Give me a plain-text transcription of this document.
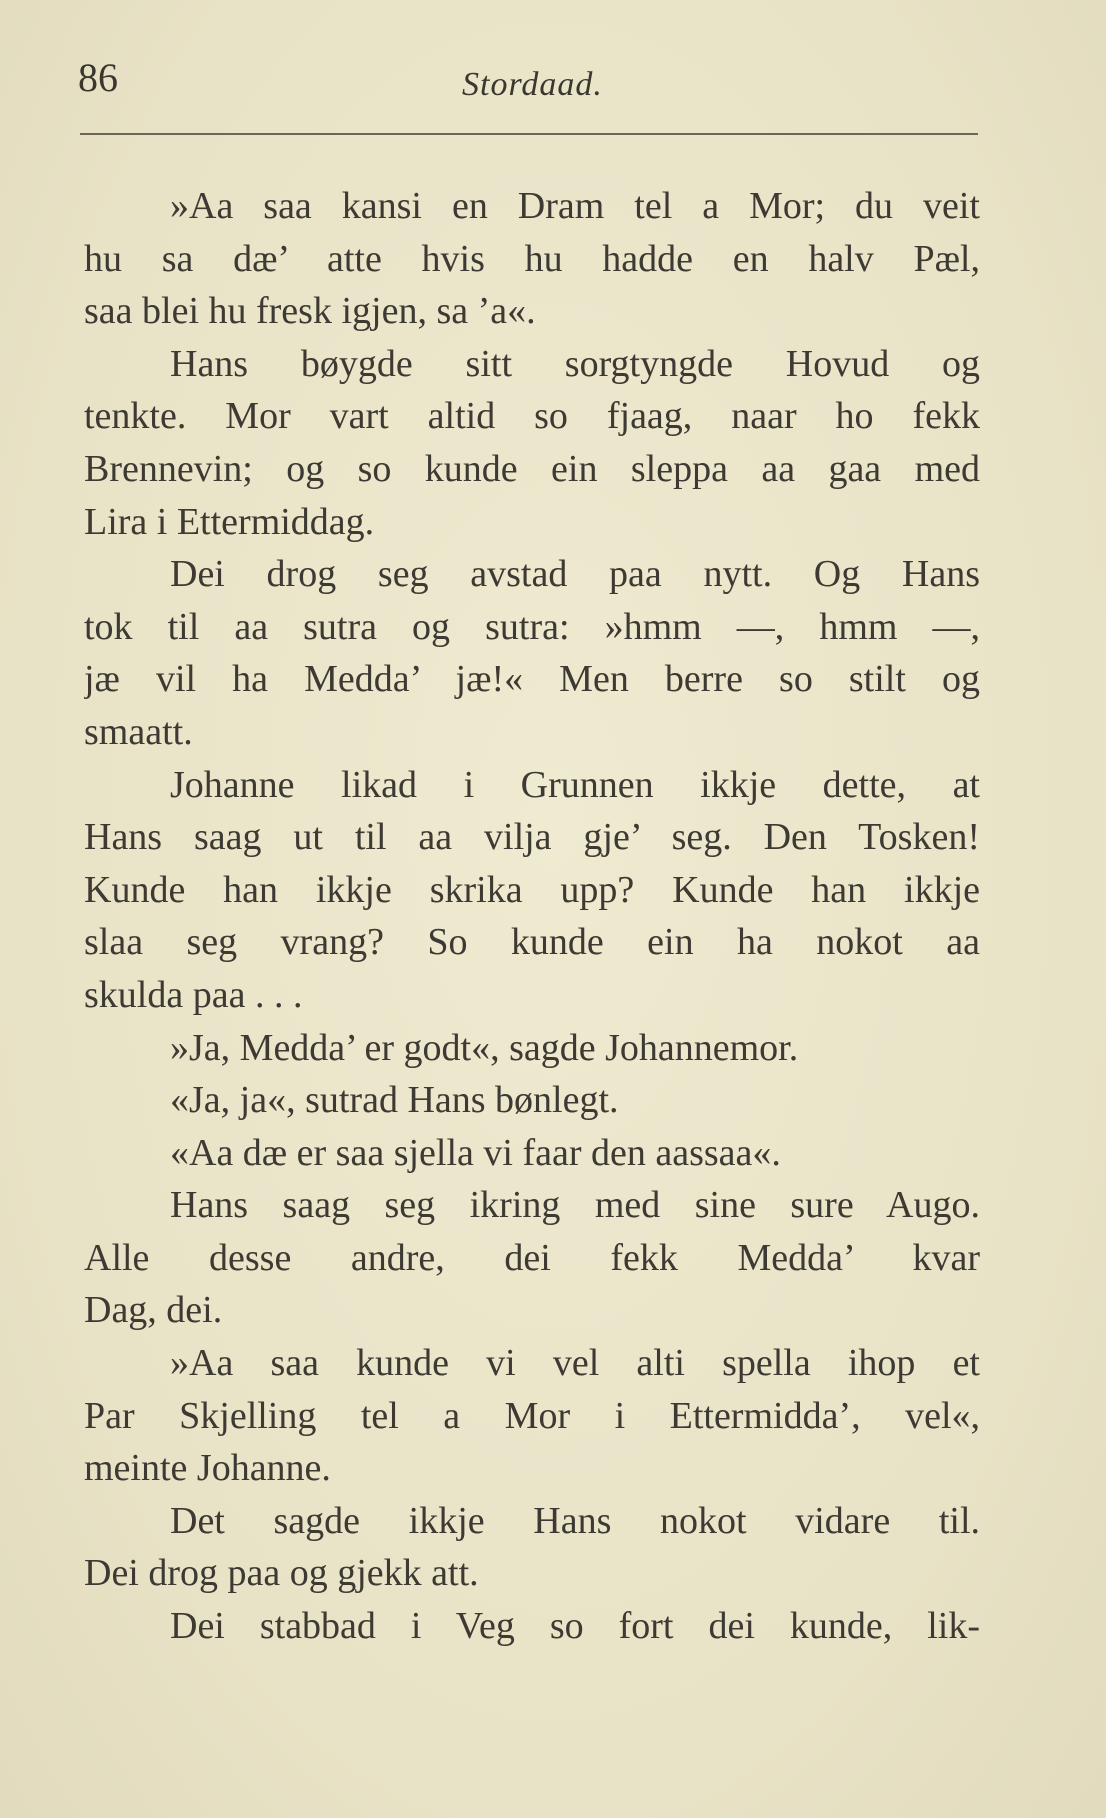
86	Stordaad.
»Aa saa kansi en Dram tel a Mor; du veit
hu sa dæ’ atte hvis hu hadde en halv Pæl,
saa blei hu fresk igjen, sa ’a«.
Hans bøygde sitt sorgtyngde Hovud og
tenkte. Mor vart altid so fjaag, naar ho fekk
Brennevin; og so kunde ein sleppa aa gaa med
Lira i Ettermiddag.
Dei drog seg avstad paa nytt. Og Hans
tok til aa sutra og sutra: »hmm —, hmm —,
jæ vil ha Medda’ jæ!« Men berre so stilt og
smaatt.
Johanne likad i Grunnen ikkje dette, at
Hans saag ut til aa vilja gje’ seg. Den Tosken!
Kunde han ikkje skrika upp? Kunde han ikkje
slaa seg vrang? So kunde ein ha nokot aa
skulda paa . . .
»Ja, Medda’ er godt«, sagde Johannemor.
«Ja, ja«, sutrad Hans bønlegt.
«Aa dæ er saa sjella vi faar den aassaa«.
Hans saag seg ikring med sine sure Augo.
Alle desse andre, dei fekk Medda’ kvar
Dag, dei.
»Aa saa kunde vi vel alti spella ihop et
Par Skjelling tel a Mor i Ettermidda’, vel«,
meinte Johanne.
Det sagde ikkje Hans nokot vidare til.
Dei drog paa og gjekk att.
Dei stabbad i Veg so fort dei kunde, lik-
